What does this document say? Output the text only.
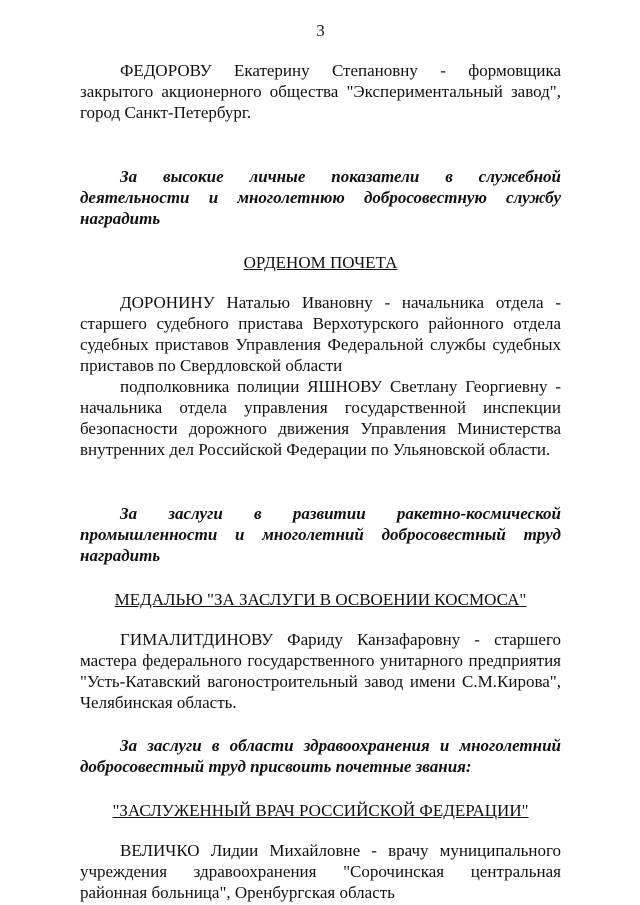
3

ФЕДОРОВУ Екатерину Степановну - формовщика закрытого акционерного общества "Экспериментальный завод", город Санкт-Петербург.

За высокие личные показатели в служебной деятельности и многолетнюю добросовестную службу наградить

ОРДЕНОМ ПОЧЕТА

ДОРОНИНУ Наталью Ивановну - начальника отдела - старшего судебного пристава Верхотурского районного отдела судебных приставов Управления Федеральной службы судебных приставов по Свердловской области

подполковника полиции ЯШНОВУ Светлану Георгиевну - начальника отдела управления государственной инспекции безопасности дорожного движения Управления Министерства внутренних дел Российской Федерации по Ульяновской области.

За заслуги в развитии ракетно-космической промышленности и многолетний добросовестный труд наградить

МЕДАЛЬЮ "ЗА ЗАСЛУГИ В ОСВОЕНИИ КОСМОСА"

ГИМАЛИТДИНОВУ Фариду Канзафаровну - старшего мастера федерального государственного унитарного предприятия "Усть-Катавский вагоностроительный завод имени С.М.Кирова", Челябинская область.

За заслуги в области здравоохранения и многолетний добросовестный труд присвоить почетные звания:

"ЗАСЛУЖЕННЫЙ ВРАЧ РОССИЙСКОЙ ФЕДЕРАЦИИ"

ВЕЛИЧКО Лидии Михайловне - врачу муниципального учреждения здравоохранения "Сорочинская центральная районная больница", Оренбургская область
